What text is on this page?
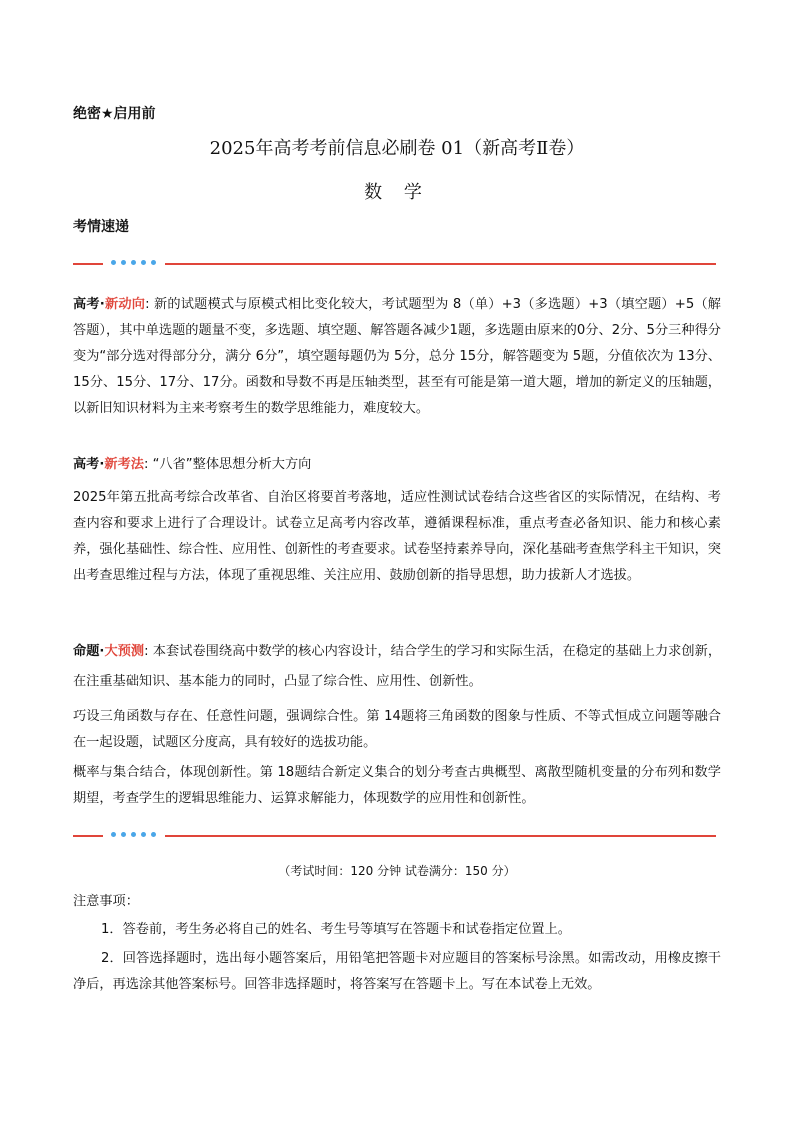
绝密★启用前
2025年高考考前信息必刷卷 01（新高考Ⅱ卷）
数 学
考情速递
高考·新动向: 新的试题模式与原模式相比变化较大，考试题型为 8（单）+3（多选题）+3（填空题）+5（解答题），其中单选题的题量不变，多选题、填空题、解答题各减少1题，多选题由原来的0分、2分、5分三种得分变为“部分选对得部分分，满分 6分”，填空题每题仍为 5分，总分 15分，解答题变为 5题，分值依次为 13分、15分、15分、17分、17分。函数和导数不再是压轴类型，甚至有可能是第一道大题，增加的新定义的压轴题，以新旧知识材料为主来考察考生的数学思维能力，难度较大。
高考·新考法: “八省”整体思想分析大方向
2025年第五批高考综合改革省、自治区将要首考落地，适应性测试试卷结合这些省区的实际情况，在结构、考查内容和要求上进行了合理设计。试卷立足高考内容改革，遵循课程标准，重点考查必备知识、能力和核心素养，强化基础性、综合性、应用性、创新性的考查要求。试卷坚持素养导向，深化基础考查焦学科主干知识，突出考查思维过程与方法，体现了重视思维、关注应用、鼓励创新的指导思想，助力拔新人才选拔。
命题·大预测: 本套试卷围绕高中数学的核心内容设计，结合学生的学习和实际生活，在稳定的基础上力求创新，在注重基础知识、基本能力的同时，凸显了综合性、应用性、创新性。
巧设三角函数与存在、任意性问题，强调综合性。第 14题将三角函数的图象与性质、不等式恒成立问题等融合在一起设题，试题区分度高，具有较好的选拔功能。
概率与集合结合，体现创新性。第 18题结合新定义集合的划分考查古典概型、离散型随机变量的分布列和数学期望，考查学生的逻辑思维能力、运算求解能力，体现数学的应用性和创新性。
（考试时间：120 分钟 试卷满分：150 分）
注意事项：
1．答卷前，考生务必将自己的姓名、考生号等填写在答题卡和试卷指定位置上。
2．回答选择题时，选出每小题答案后，用铅笔把答题卡对应题目的答案标号涂黑。如需改动，用橡皮擦干净后，再选涂其他答案标号。回答非选择题时，将答案写在答题卡上。写在本试卷上无效。
